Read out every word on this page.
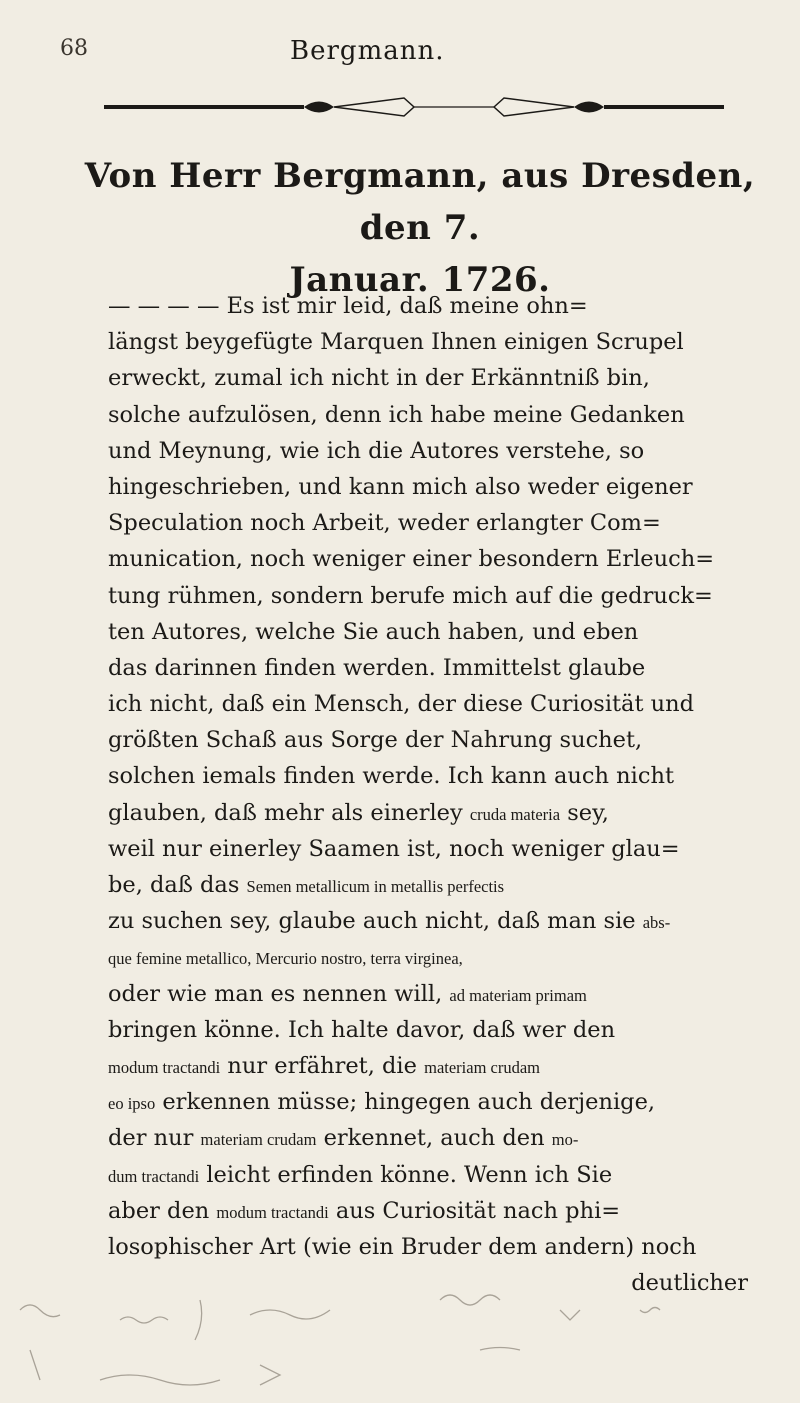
68	Bergmann.
Von Herr Bergmann, aus Dresden, den 7.
Januar. 1726.
— — — — Es ist mir leid, daß meine ohn=
längst beygefügte Marquen Ihnen einigen Scrupel
erweckt, zumal ich nicht in der Erkänntniß bin,
solche aufzulösen, denn ich habe meine Gedanken
und Meynung, wie ich die Autores verstehe, so
hingeschrieben, und kann mich also weder eigener
Speculation noch Arbeit, weder erlangter Com=
munication, noch weniger einer besondern Erleuch=
tung rühmen, sondern berufe mich auf die gedruck=
ten Autores, welche Sie auch haben, und eben
das darinnen finden werden. Immittelst glaube
ich nicht, daß ein Mensch, der diese Curiosität und
größten Schaß aus Sorge der Nahrung suchet,
solchen iemals finden werde. Ich kann auch nicht
glauben, daß mehr als einerley cruda materia sey,
weil nur einerley Saamen ist, noch weniger glau=
be, daß das Semen metallicum in metallis perfectis
zu suchen sey, glaube auch nicht, daß man sie abs-
que femine metallico, Mercurio nostro, terra virginea,
oder wie man es nennen will, ad materiam primam
bringen könne. Ich halte davor, daß wer den
modum tractandi nur erfähret, die materiam crudam
eo ipso erkennen müsse; hingegen auch derjenige,
der nur materiam crudam erkennet, auch den mo-
dum tractandi leicht erfinden könne. Wenn ich Sie
aber den modum tractandi aus Curiosität nach phi=
losophischer Art (wie ein Bruder dem andern) noch
deutlicher
